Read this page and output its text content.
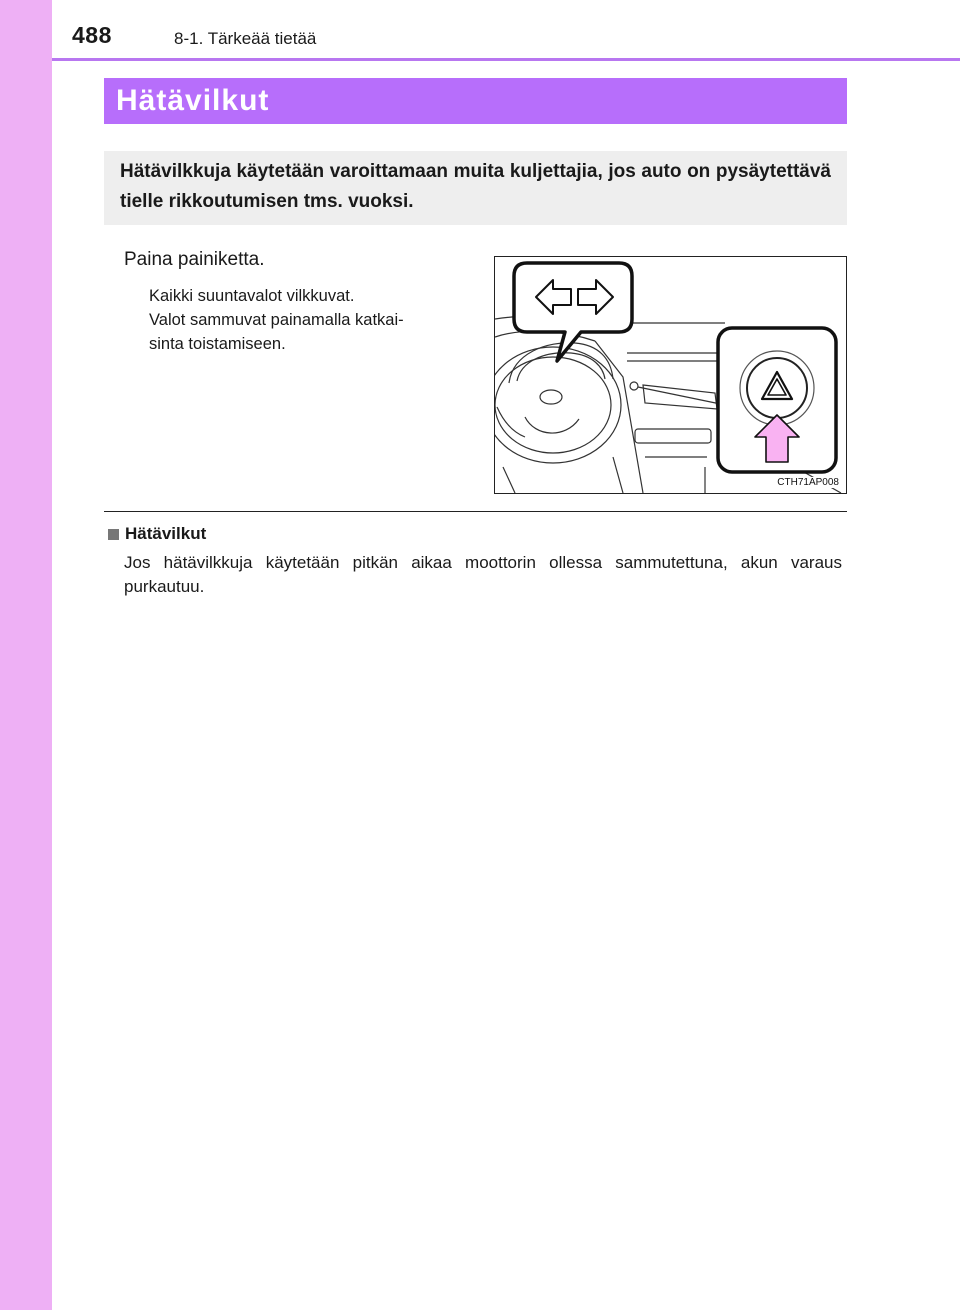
488	8-1. Tärkeää tietää
Hätävilkut
Hätävilkkuja käytetään varoittamaan muita kuljettajia, jos auto on pysäytettävä tielle rikkoutumisen tms. vuoksi.
Paina painiketta.
Kaikki suuntavalot vilkkuvat.
Valot sammuvat painamalla katkai-
sinta toistamiseen.
CTH71AP008
Hätävilkut
Jos hätävilkkuja käytetään pitkän aikaa moottorin ollessa sammutettuna, akun varaus purkautuu.
